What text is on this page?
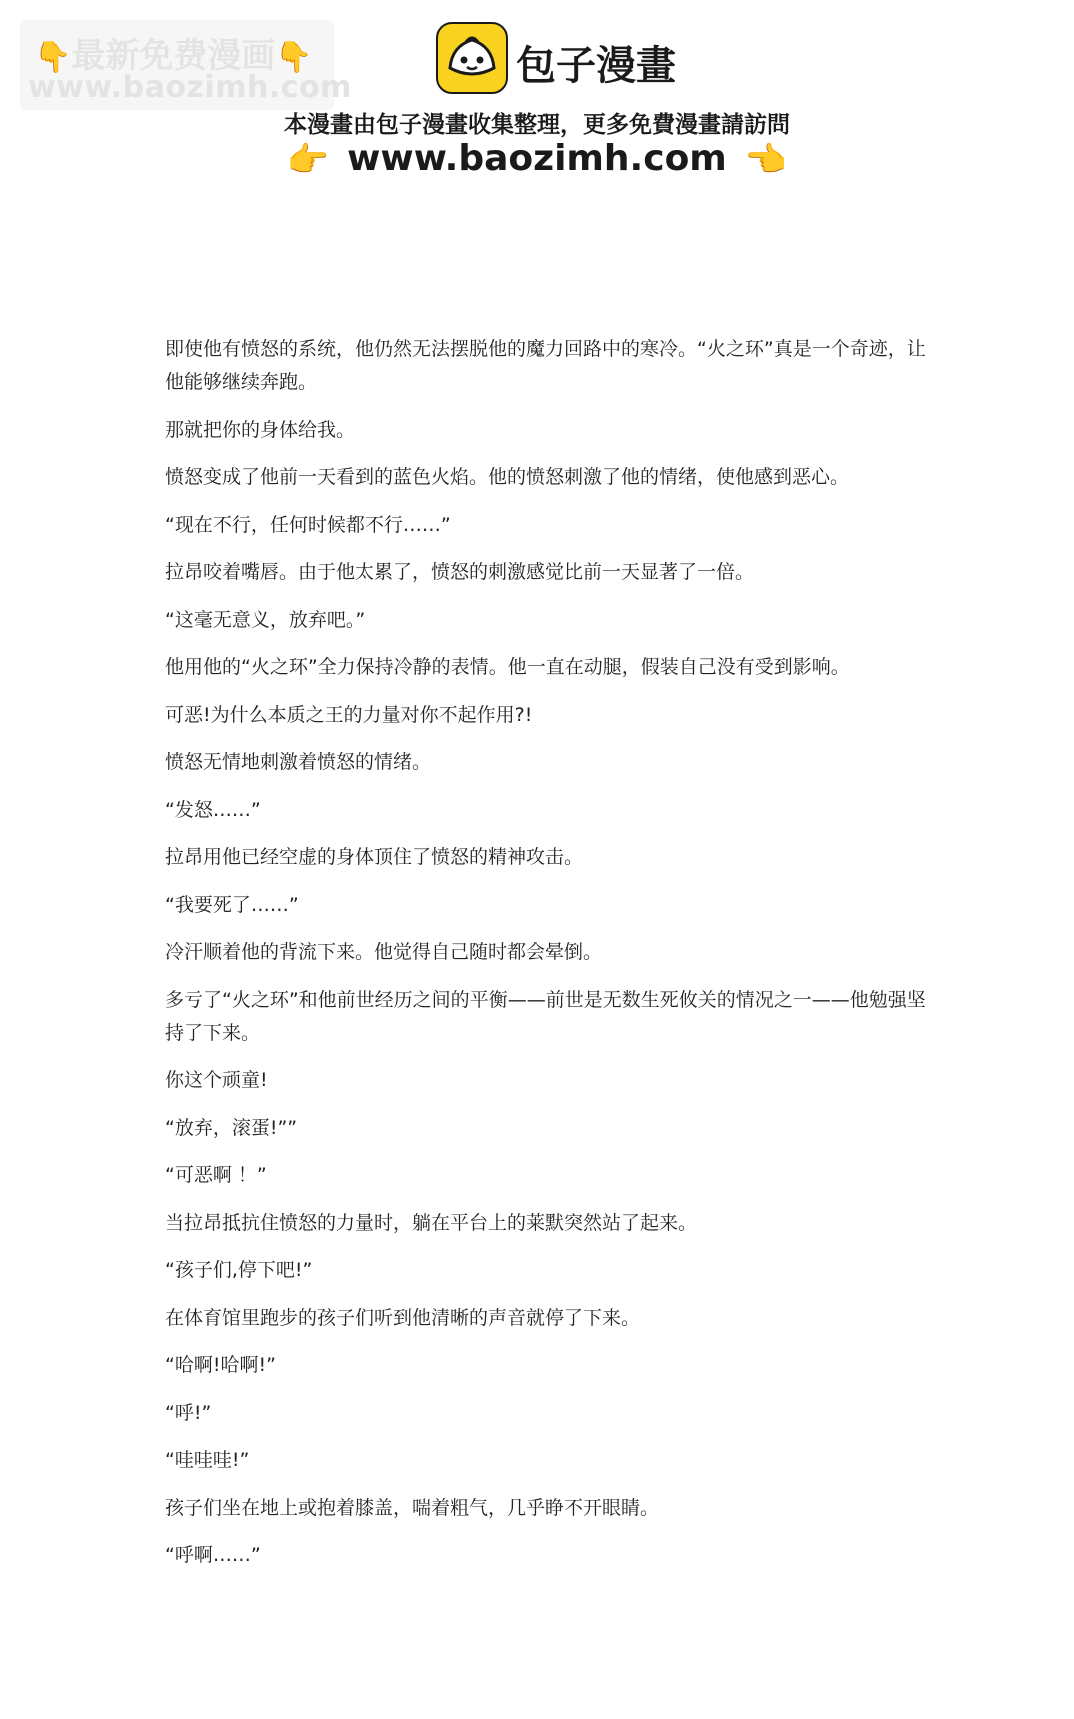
👇最新免费漫画👇
www.baozimh.com	包子漫畫
本漫畫由包子漫畫收集整理，更多免費漫畫請訪問
👉 www.baozimh.com 👈

即使他有愤怒的系统，他仍然无法摆脱他的魔力回路中的寒冷。“火之环”真是一个奇迹，让他能够继续奔跑。

那就把你的身体给我。

愤怒变成了他前一天看到的蓝色火焰。他的愤怒刺激了他的情绪，使他感到恶心。

“现在不行，任何时候都不行……”

拉昂咬着嘴唇。由于他太累了，愤怒的刺激感觉比前一天显著了一倍。

“这毫无意义，放弃吧。”

他用他的“火之环”全力保持冷静的表情。他一直在动腿，假装自己没有受到影响。

可恶!为什么本质之王的力量对你不起作用?!

愤怒无情地刺激着愤怒的情绪。

“发怒……”

拉昂用他已经空虚的身体顶住了愤怒的精神攻击。

“我要死了……”

冷汗顺着他的背流下来。他觉得自己随时都会晕倒。

多亏了“火之环”和他前世经历之间的平衡——前世是无数生死攸关的情况之一——他勉强坚持了下来。

你这个顽童!

“放弃，滚蛋!””

“可恶啊 ！”

当拉昂抵抗住愤怒的力量时，躺在平台上的莱默突然站了起来。

“孩子们,停下吧!”

在体育馆里跑步的孩子们听到他清晰的声音就停了下来。

“哈啊!哈啊!”

“呼!”

“哇哇哇!”

孩子们坐在地上或抱着膝盖，喘着粗气，几乎睁不开眼睛。

“呼啊……”
